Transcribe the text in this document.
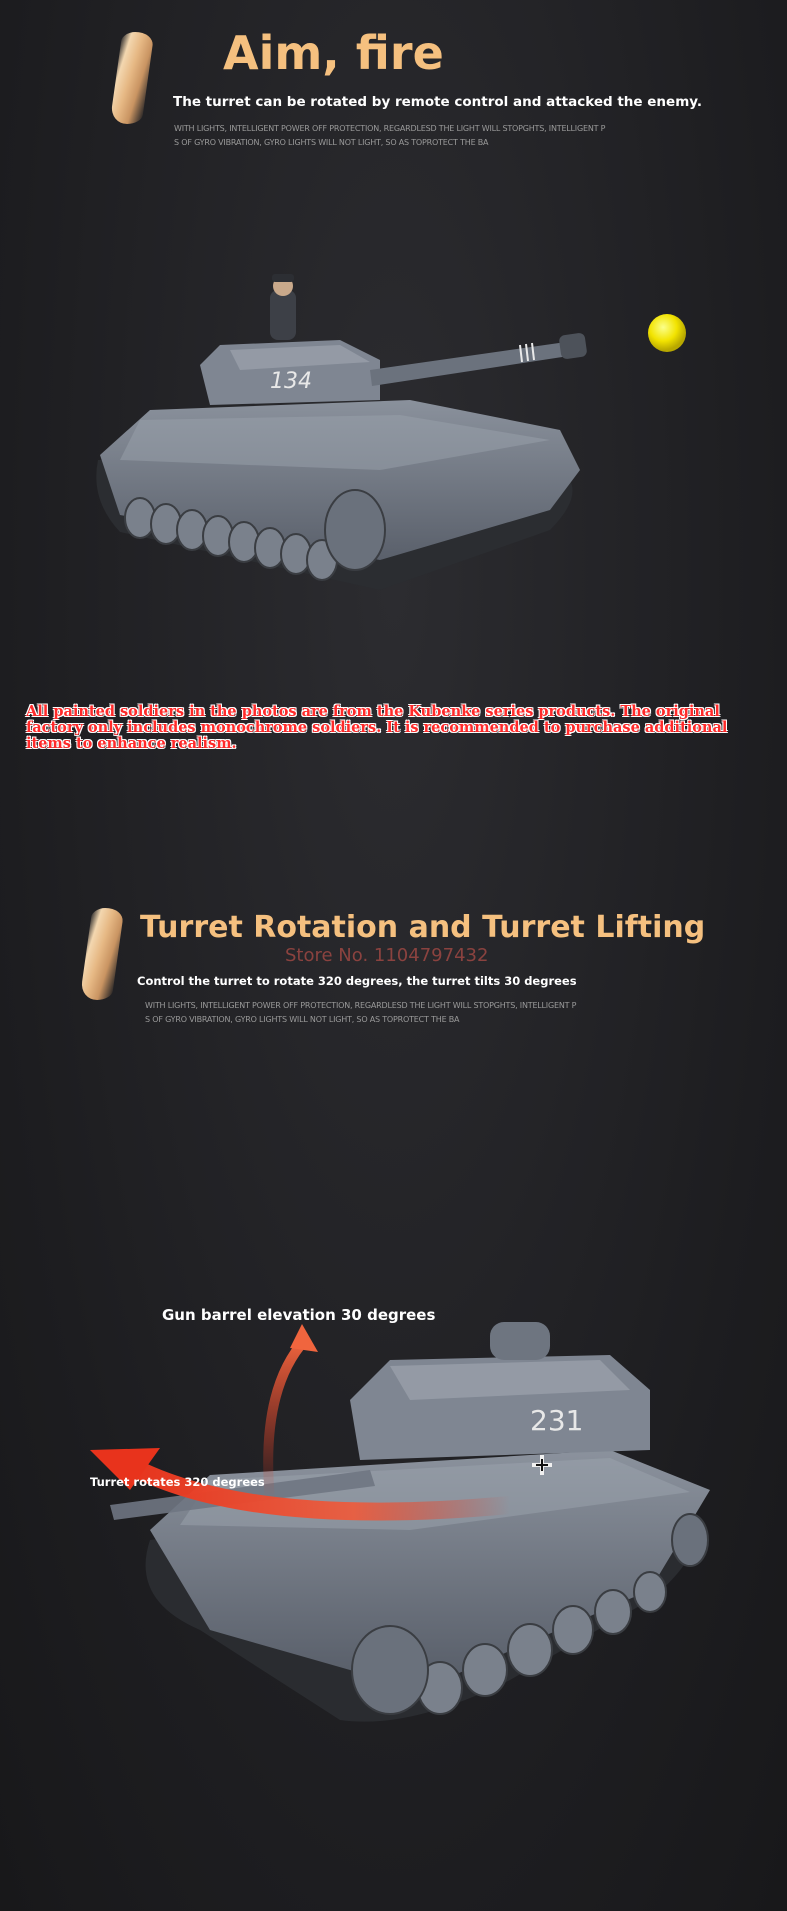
Aim, fire
The turret can be rotated by remote control and attacked the enemy.
WITH LIGHTS, INTELLIGENT POWER OFF PROTECTION, REGARDLESD THE LIGHT WILL STOPGHTS, INTELLIGENT P
S OF GYRO VIBRATION, GYRO LIGHTS WILL NOT LIGHT, SO AS TOPROTECT THE BA
134
All painted soldiers in the photos are from the Kubenke series products. The original factory only includes monochrome soldiers. It is recommended to purchase additional items to enhance realism.
Turret Rotation and Turret Lifting
Store No. 1104797432
Control the turret to rotate 320 degrees, the turret tilts 30 degrees
WITH LIGHTS, INTELLIGENT POWER OFF PROTECTION, REGARDLESD THE LIGHT WILL STOPGHTS, INTELLIGENT P
S OF GYRO VIBRATION, GYRO LIGHTS WILL NOT LIGHT, SO AS TOPROTECT THE BA
231
Gun barrel elevation 30 degrees
Turret rotates 320 degrees
